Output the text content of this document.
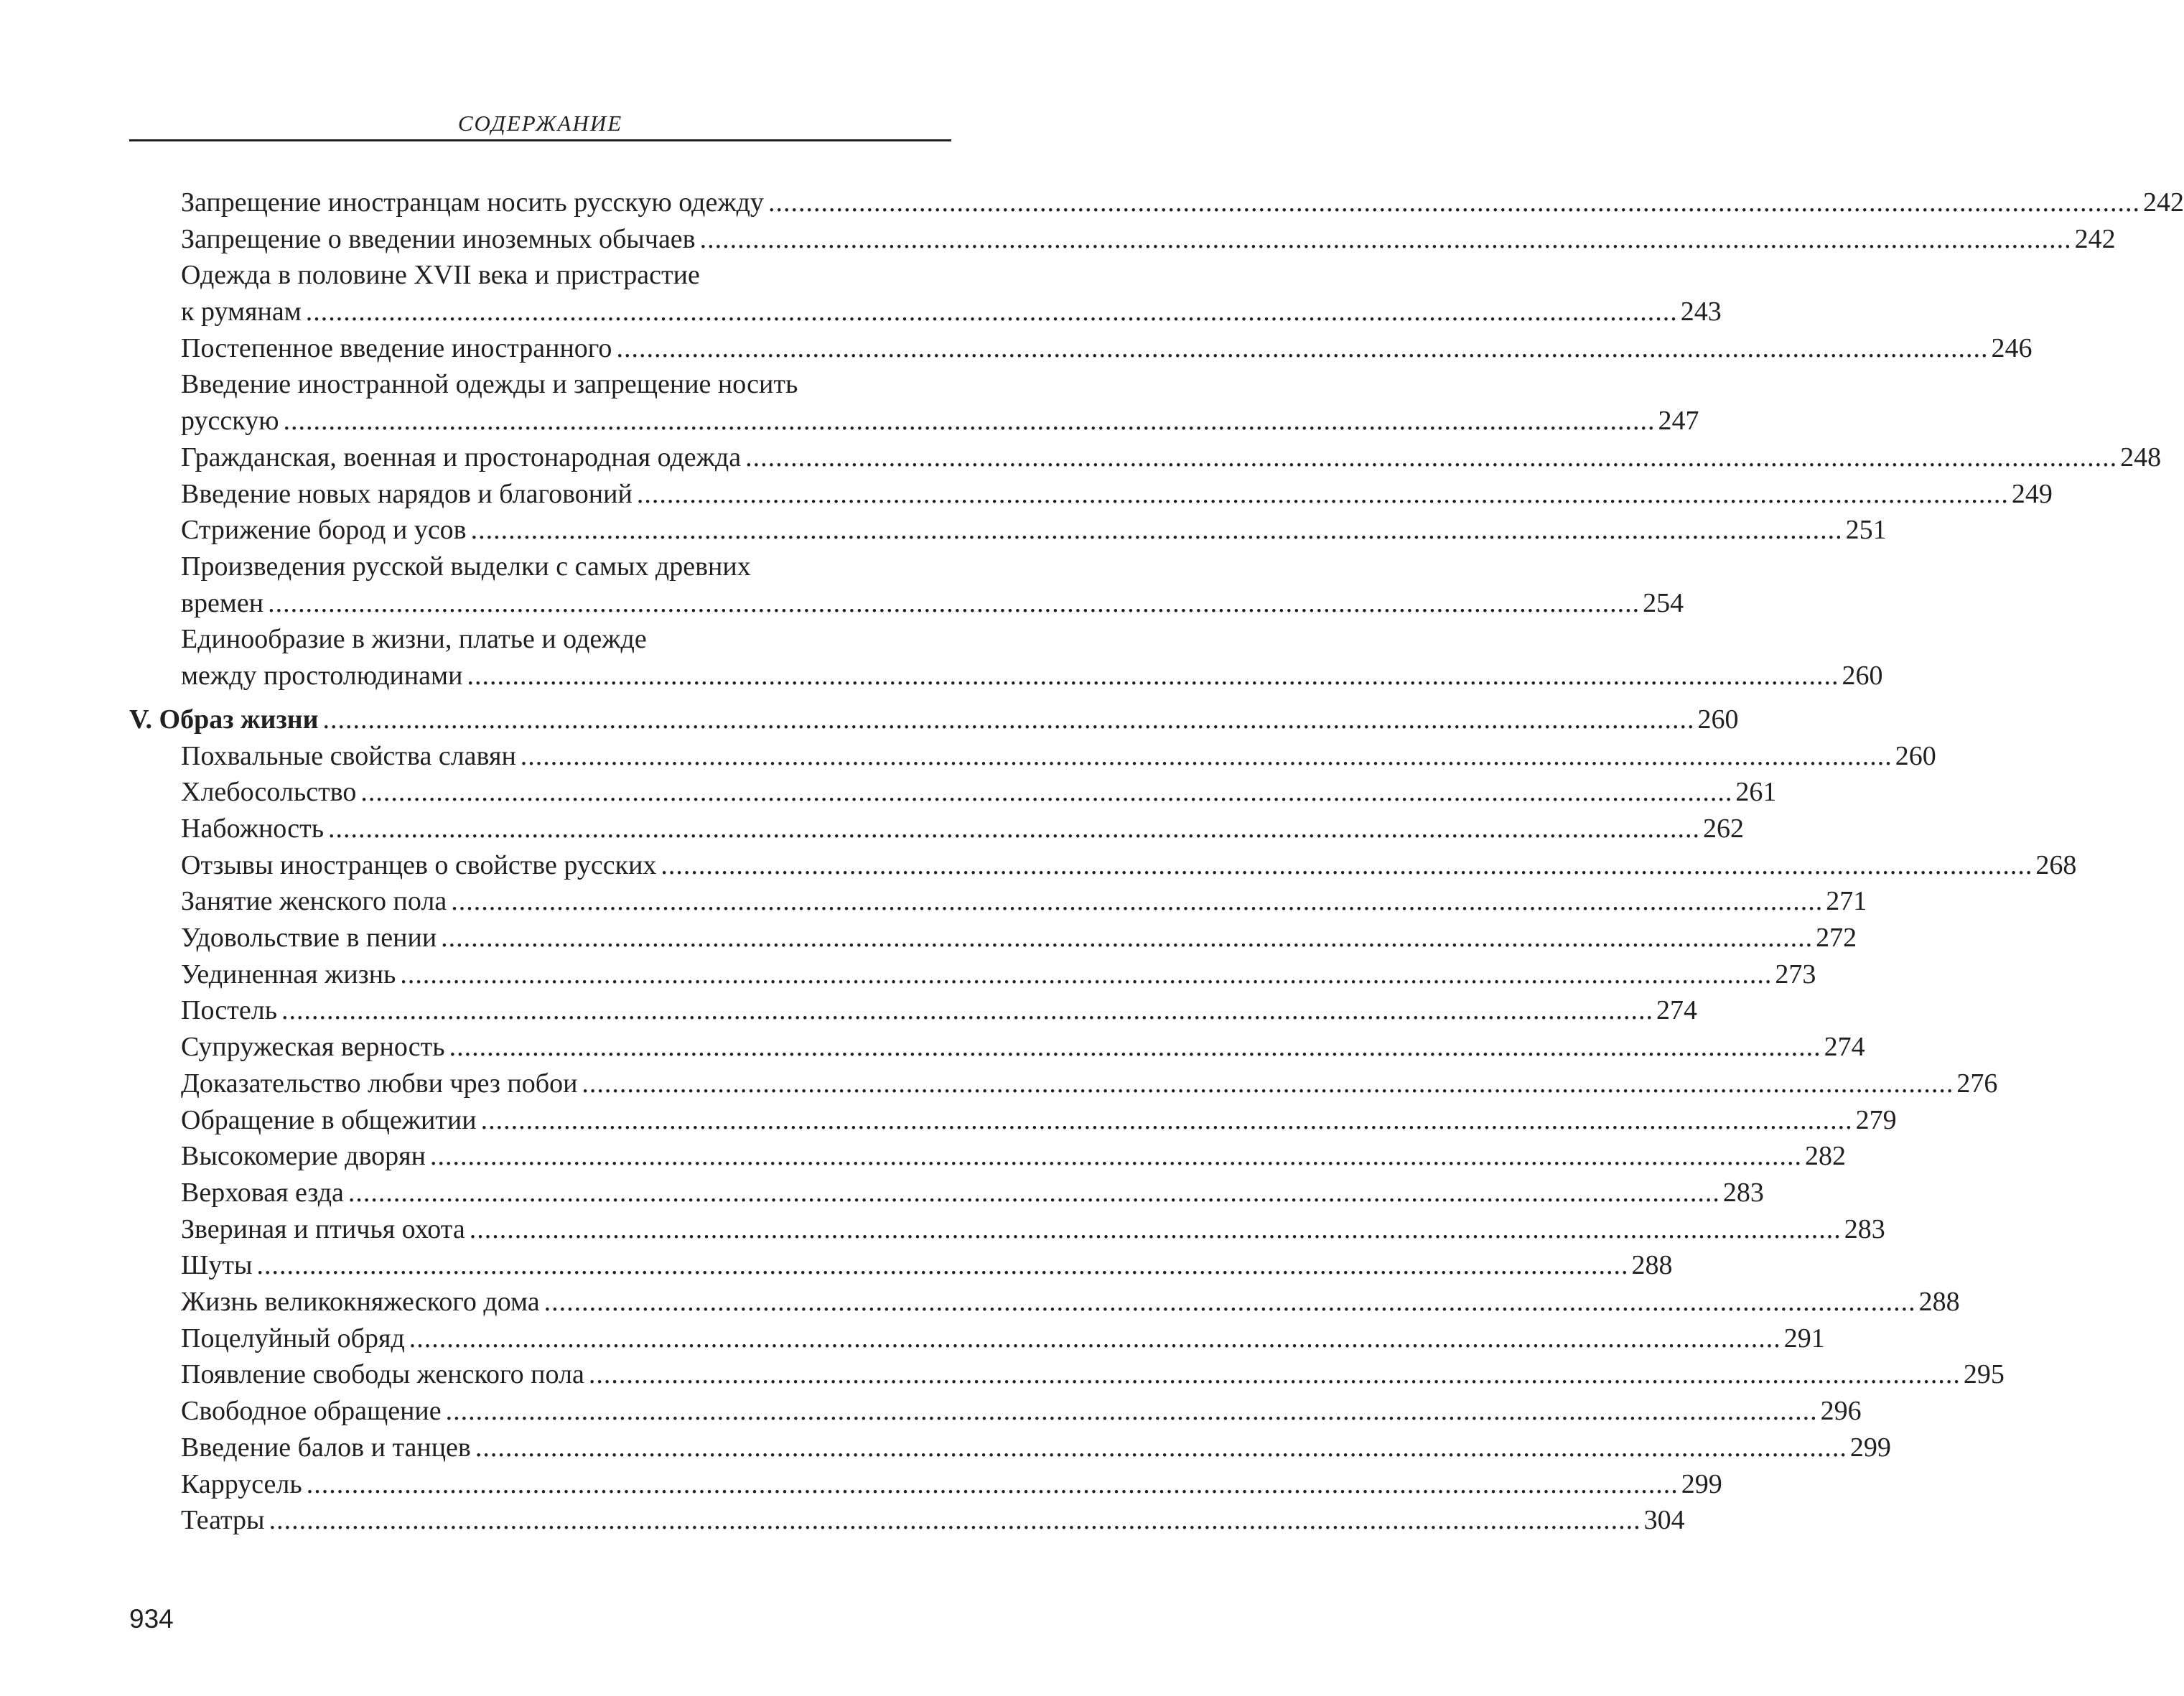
СОДЕРЖАНИЕ
Запрещение иностранцам носить русскую одежду ...................................................................................................................................................................................... 242
Запрещение о введении иноземных обычаев ...................................................................................................................................................................................... 242
Одежда в половине XVII века и пристрастие
к румянам ...................................................................................................................................................................................... 243
Постепенное введение иностранного ...................................................................................................................................................................................... 246
Введение иностранной одежды и запрещение носить
русскую ...................................................................................................................................................................................... 247
Гражданская, военная и простонародная одежда ...................................................................................................................................................................................... 248
Введение новых нарядов и благовоний ...................................................................................................................................................................................... 249
Стрижение бород и усов ...................................................................................................................................................................................... 251
Произведения русской выделки с самых древних
времен ...................................................................................................................................................................................... 254
Единообразие в жизни, платье и одежде
между простолюдинами ...................................................................................................................................................................................... 260
V. Образ жизни ...................................................................................................................................................................................... 260
Похвальные свойства славян ...................................................................................................................................................................................... 260
Хлебосольство ...................................................................................................................................................................................... 261
Набожность ...................................................................................................................................................................................... 262
Отзывы иностранцев о свойстве русских ...................................................................................................................................................................................... 268
Занятие женского пола ...................................................................................................................................................................................... 271
Удовольствие в пении ...................................................................................................................................................................................... 272
Уединенная жизнь ...................................................................................................................................................................................... 273
Постель ...................................................................................................................................................................................... 274
Супружеская верность ...................................................................................................................................................................................... 274
Доказательство любви чрез побои ...................................................................................................................................................................................... 276
Обращение в общежитии ...................................................................................................................................................................................... 279
Высокомерие дворян ...................................................................................................................................................................................... 282
Верховая езда ...................................................................................................................................................................................... 283
Звериная и птичья охота ...................................................................................................................................................................................... 283
Шуты ...................................................................................................................................................................................... 288
Жизнь великокняжеского дома ...................................................................................................................................................................................... 288
Поцелуйный обряд ...................................................................................................................................................................................... 291
Появление свободы женского пола ...................................................................................................................................................................................... 295
Свободное обращение ...................................................................................................................................................................................... 296
Введение балов и танцев ...................................................................................................................................................................................... 299
Каррусель ...................................................................................................................................................................................... 299
Театры ...................................................................................................................................................................................... 304
934
